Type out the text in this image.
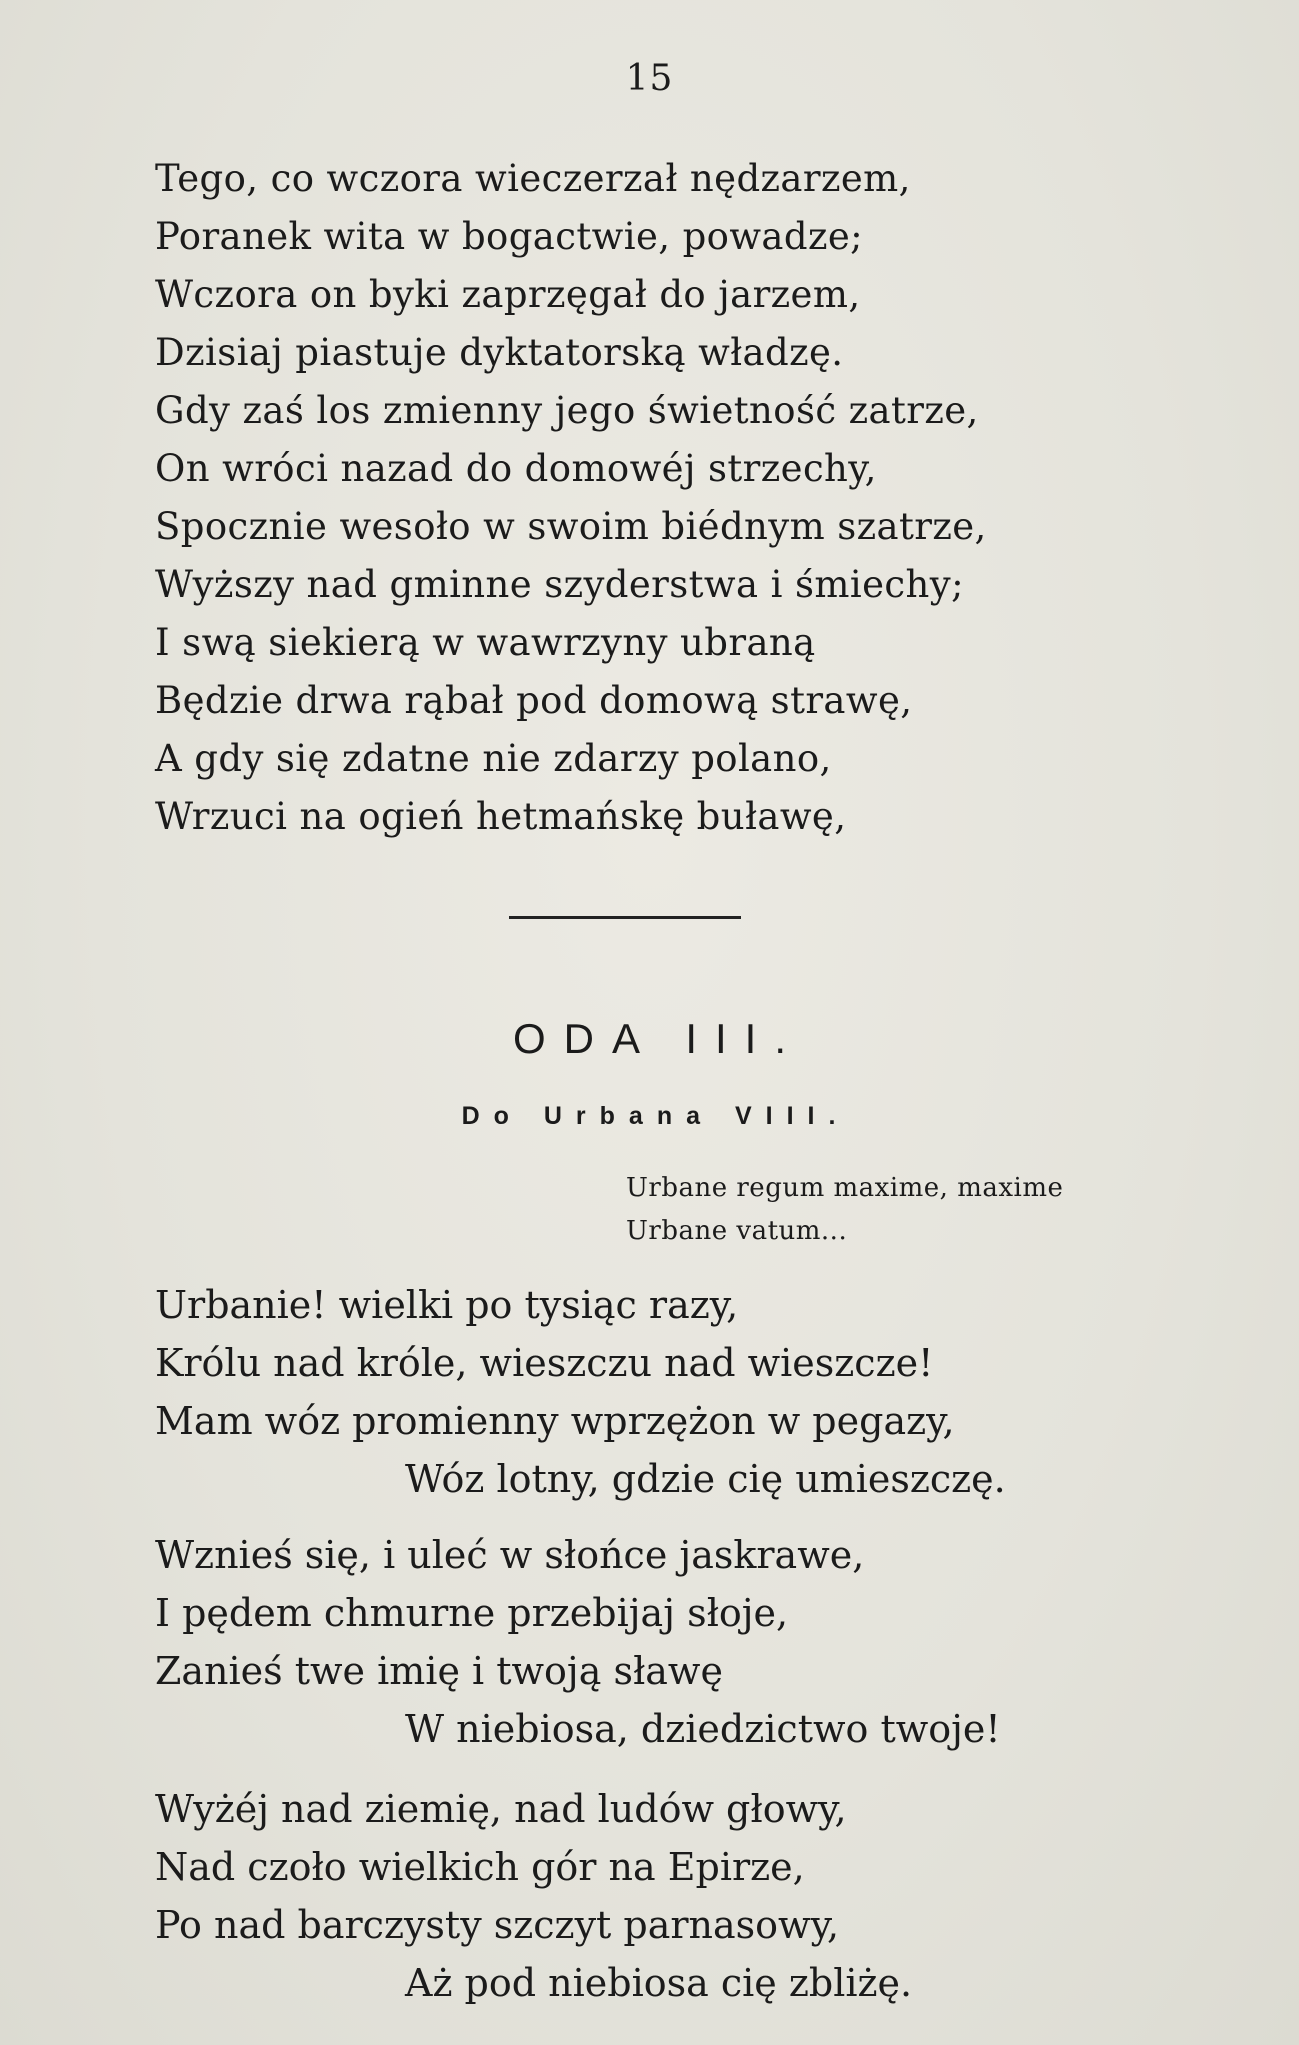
15
Tego, co wczora wieczerzał nędzarzem,
Poranek wita w bogactwie, powadze;
Wczora on byki zaprzęgał do jarzem,
Dzisiaj piastuje dyktatorską władzę.
Gdy zaś los zmienny jego świetność zatrze,
On wróci nazad do domowéj strzechy,
Spocznie wesoło w swoim biédnym szatrze,
Wyższy nad gminne szyderstwa i śmiechy;
I swą siekierą w wawrzyny ubraną
Będzie drwa rąbał pod domową strawę,
A gdy się zdatne nie zdarzy polano,
Wrzuci na ogień hetmańskę buławę,
ODA III.
Do Urbana VIII.
Urbane regum maxime, maxime
Urbane vatum...
Urbanie! wielki po tysiąc razy,
Królu nad króle, wieszczu nad wieszcze!
Mam wóz promienny wprzężon w pegazy,
Wóz lotny, gdzie cię umieszczę.
Wznieś się, i uleć w słońce jaskrawe,
I pędem chmurne przebijaj słoje,
Zanieś twe imię i twoją sławę
W niebiosa, dziedzictwo twoje!
Wyżéj nad ziemię, nad ludów głowy,
Nad czoło wielkich gór na Epirze,
Po nad barczysty szczyt parnasowy,
Aż pod niebiosa cię zbliżę.
